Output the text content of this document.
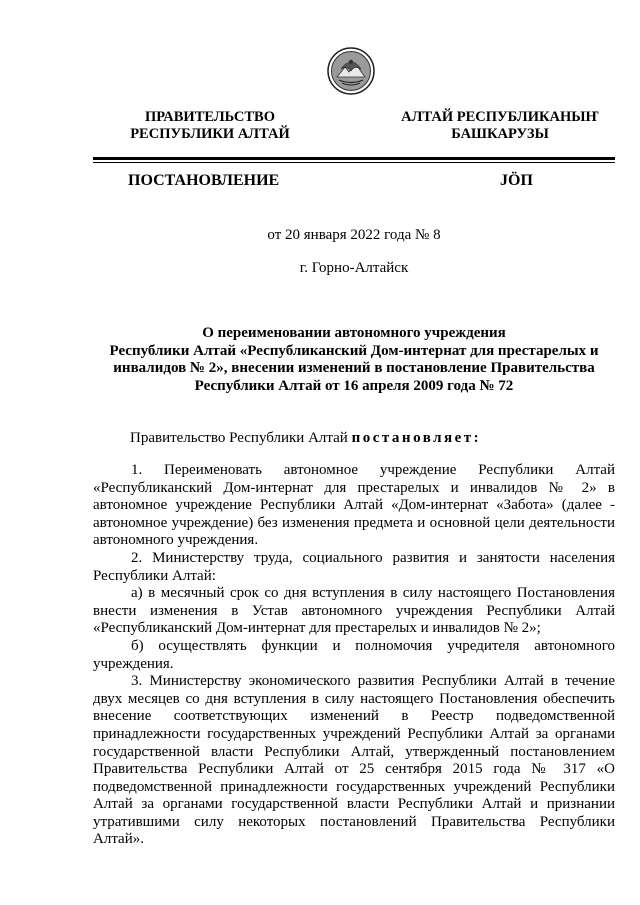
ПРАВИТЕЛЬСТВО
РЕСПУБЛИКИ АЛТАЙ
АЛТАЙ РЕСПУБЛИКАНЫҤ
БАШКАРУЗЫ
ПОСТАНОВЛЕНИЕ	JÖП
от 20 января 2022 года № 8
г. Горно-Алтайск
О переименовании автономного учреждения
Республики Алтай «Республиканский Дом-интернат для престарелых и
инвалидов № 2», внесении изменений в постановление Правительства
Республики Алтай от 16 апреля 2009 года № 72
Правительство Республики Алтай постановляет:

1. Переименовать автономное учреждение Республики Алтай «Республиканский Дом-интернат для престарелых и инвалидов № 2» в автономное учреждение Республики Алтай «Дом-интернат «Забота» (далее - автономное учреждение) без изменения предмета и основной цели деятельности автономного учреждения.

2. Министерству труда, социального развития и занятости населения Республики Алтай:

а) в месячный срок со дня вступления в силу настоящего Постановления внести изменения в Устав автономного учреждения Республики Алтай «Республиканский Дом-интернат для престарелых и инвалидов № 2»;

б) осуществлять функции и полномочия учредителя автономного учреждения.

3. Министерству экономического развития Республики Алтай в течение двух месяцев со дня вступления в силу настоящего Постановления обеспечить внесение соответствующих изменений в Реестр подведомственной принадлежности государственных учреждений Республики Алтай за органами государственной власти Республики Алтай, утвержденный постановлением Правительства Республики Алтай от 25 сентября 2015 года № 317 «О подведомственной принадлежности государственных учреждений Республики Алтай за органами государственной власти Республики Алтай и признании утратившими силу некоторых постановлений Правительства Республики Алтай».
